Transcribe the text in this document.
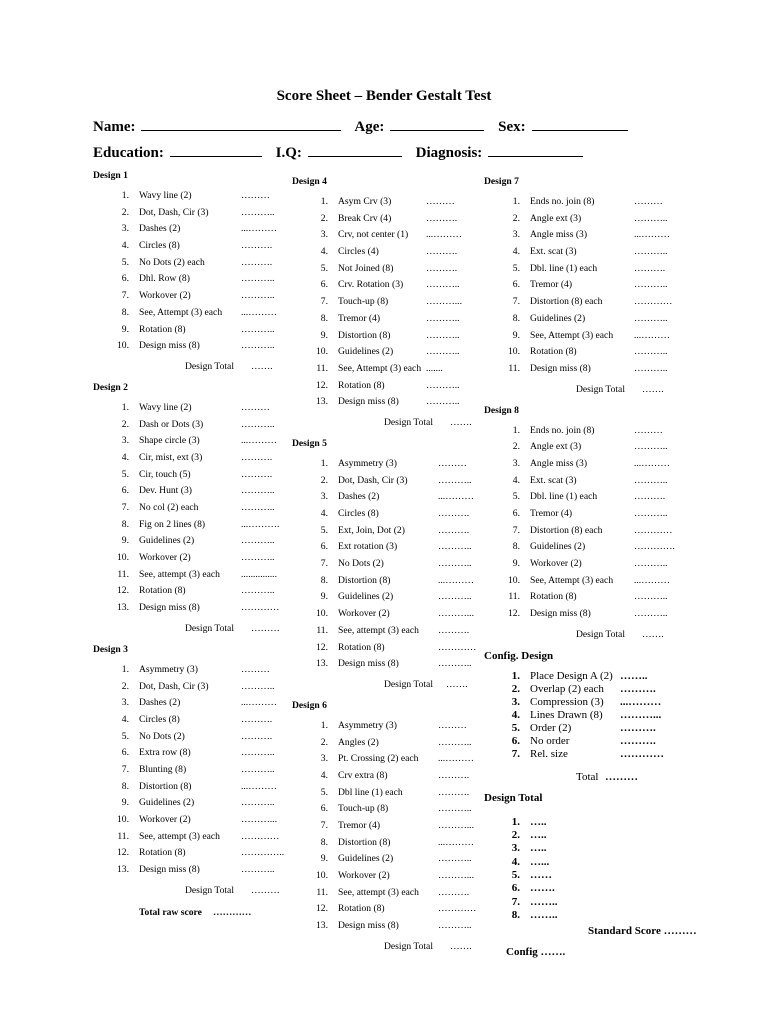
Score Sheet – Bender Gestalt Test
Name:	Age:	Sex:
Education:	I.Q:	Diagnosis:
Design 1
1. Wavy line (2)	………
2. Dot, Dash, Cir (3)	………..
3. Dashes (2)	...………
4. Circles (8)	……….
5. No Dots (2) each	……….
6. Dhl. Row (8)	………..
7. Workover (2)	………..
8. See, Attempt (3) each ...………
9. Rotation (8)	………..
10. Design miss (8)	………..
Design Total …….
Design 2
1. Wavy line (2)	………
2. Dash or Dots (3)	………..
3. Shape circle (3)	...………
4. Cir, mist, ext (3)	……….
5. Cir, touch (5)	……….
6. Dev. Hunt (3)	………..
7. No col (2) each	………..
8. Fig on 2 lines (8)	...……….
9. Guidelines (2)	………..
10. Workover (2)	………..
11. See, attempt (3) each ...............
12. Rotation (8)	………..
13. Design miss (8)	…………
Design Total ………
Design 3
1. Asymmetry (3)	………
2. Dot, Dash, Cir (3)	………..
3. Dashes (2)	...………
4. Circles (8)	……….
5. No Dots (2)	……….
6. Extra row (8)	………..
7. Blunting (8)	………..
8. Distortion (8)	...………
9. Guidelines (2)	………..
10. Workover (2)	………...
11. See, attempt (3) each …………
12. Rotation (8)	…………..
13. Design miss (8)	………..
Design Total ………
Total raw score …………
Design 4
1. Asym Crv (3)	………
2. Break Crv (4)	……….
3. Crv, not center (1) ...………
4. Circles (4)	……….
5. Not Joined (8)	……….
6. Crv. Rotation (3) ………..
7. Touch-up (8)	………...
8. Tremor (4)	………..
9. Distortion (8)	………..
10. Guidelines (2)	………..
11. See, Attempt (3) each .......
12. Rotation (8)	………..
13. Design miss (8)	………..
Design Total …….
Design 5
1. Asymmetry (3)	………
2. Dot, Dash, Cir (3)	………..
3. Dashes (2)	...………
4. Circles (8)	……….
5. Ext, Join, Dot (2)	……….
6. Ext rotation (3)	………..
7. No Dots (2)	………..
8. Distortion (8)	...………
9. Guidelines (2)	………..
10. Workover (2)	………...
11. See, attempt (3) each ……….
12. Rotation (8)	…………
13. Design miss (8)	………..
Design Total …….
Design 6
1. Asymmetry (3)	………
2. Angles (2)	………..
3. Pt. Crossing (2) each ...………
4. Crv extra (8)	……….
5. Dbl line (1) each	……….
6. Touch-up (8)	………..
7. Tremor (4)	………...
8. Distortion (8)	...………
9. Guidelines (2)	………..
10. Workover (2)	………...
11. See, attempt (3) each ……….
12. Rotation (8)	…………
13. Design miss (8)	………..
Design Total …….
Design 7
1. Ends no. join (8)	………
2. Angle ext (3)	………..
3. Angle miss (3)	...………
4. Ext. scat (3)	………..
5. Dbl. line (1) each	……….
6. Tremor (4)	………..
7. Distortion (8) each	…………
8. Guidelines (2)	………..
9. See, Attempt (3) each ...………
10. Rotation (8)	………..
11. Design miss (8)	………..
Design Total …….
Design 8
1. Ends no. join (8)	………
2. Angle ext (3)	………..
3. Angle miss (3)	...………
4. Ext. scat (3)	………..
5. Dbl. line (1) each	……….
6. Tremor (4)	………..
7. Distortion (8) each	…………
8. Guidelines (2)	………….
9. Workover (2)	………..
10. See, Attempt (3) each ...………
11. Rotation (8)	………..
12. Design miss (8)	………..
Design Total …….
Config. Design
1. Place Design A (2) ……..
2. Overlap (2) each ……….
3. Compression (3) ...………
4. Lines Drawn (8) ………...
5. Order (2)	……….
6. No order	……….
7. Rel. size	…………
Total ………
Design Total
1. …..
2. …..
3. …..
4. …...
5. ……
6. …….
7. ……..
8. ……..
Standard Score ………
Config …….
